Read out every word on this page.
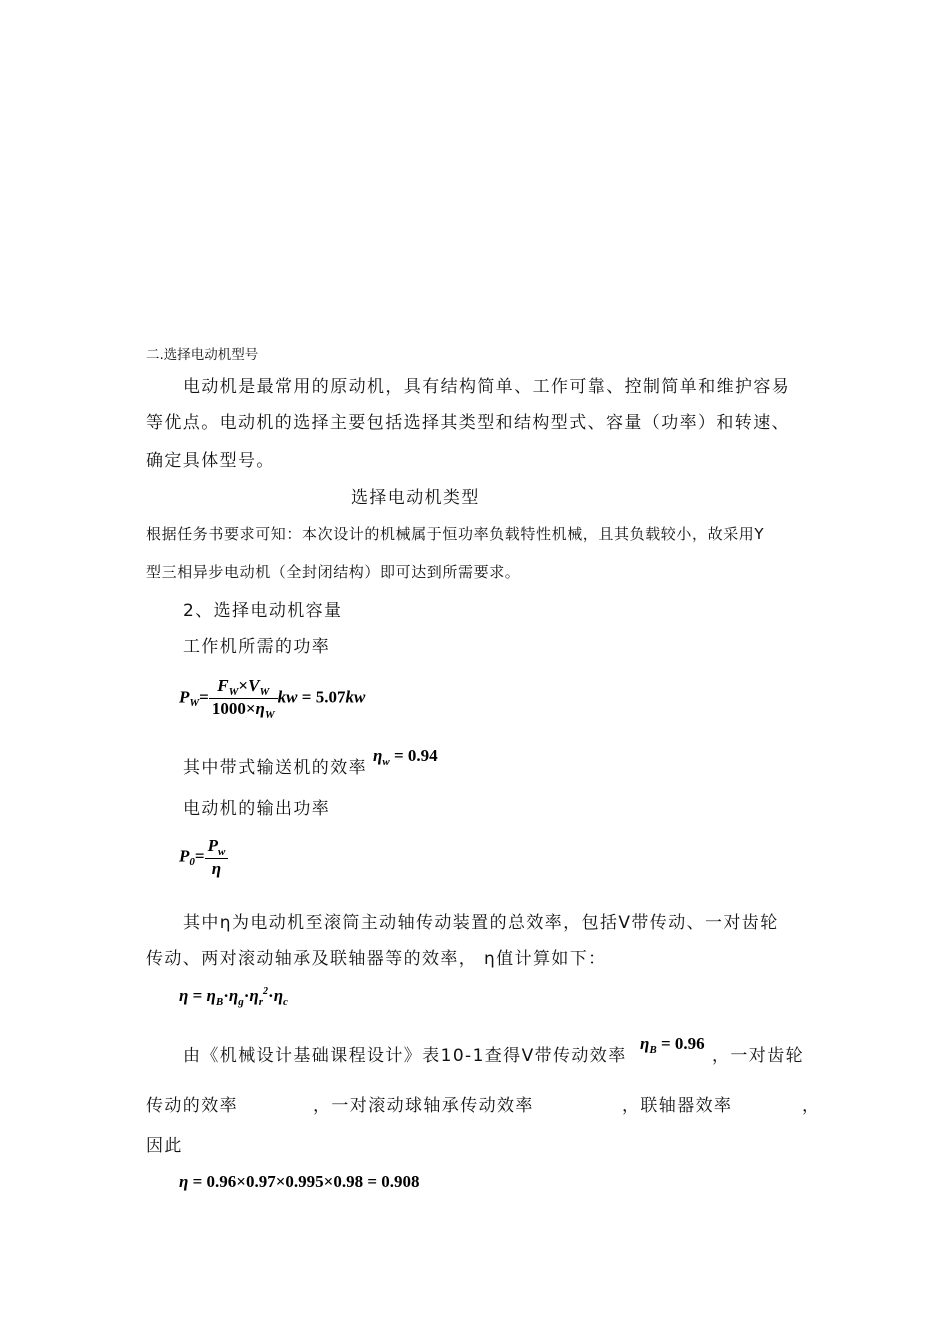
二.选择电动机型号
电动机是最常用的原动机，具有结构简单、工作可靠、控制简单和维护容易
等优点。电动机的选择主要包括选择其类型和结构型式、容量（功率）和转速、
确定具体型号。
选择电动机类型
根据任务书要求可知：本次设计的机械属于恒功率负载特性机械，且其负载较小，故采用Y
型三相异步电动机（全封闭结构）即可达到所需要求。
2、选择电动机容量
工作机所需的功率
$P_W= \frac{F_W\times V_W}{1000\times\eta_W}$ kw = 5.07kw
其中带式输送机的效率
$\eta_w = 0.94$
电动机的输出功率
$P_0= \frac{P_w}{\eta}$
其中η为电动机至滚筒主动轴传动装置的总效率，包括V带传动、一对齿轮
传动、两对滚动轴承及联轴器等的效率， η值计算如下：
$\eta = \eta_B\cdot\eta_g\cdot\eta_r^2\cdot\eta_c$
由《机械设计基础课程设计》表10-1查得V带传动效率
$\eta_B = 0.96$
，一对齿轮
传动的效率	，一对滚动球轴承传动效率	，联轴器效率	，
因此
η = 0.96×0.97×0.995×0.98 = 0.908
